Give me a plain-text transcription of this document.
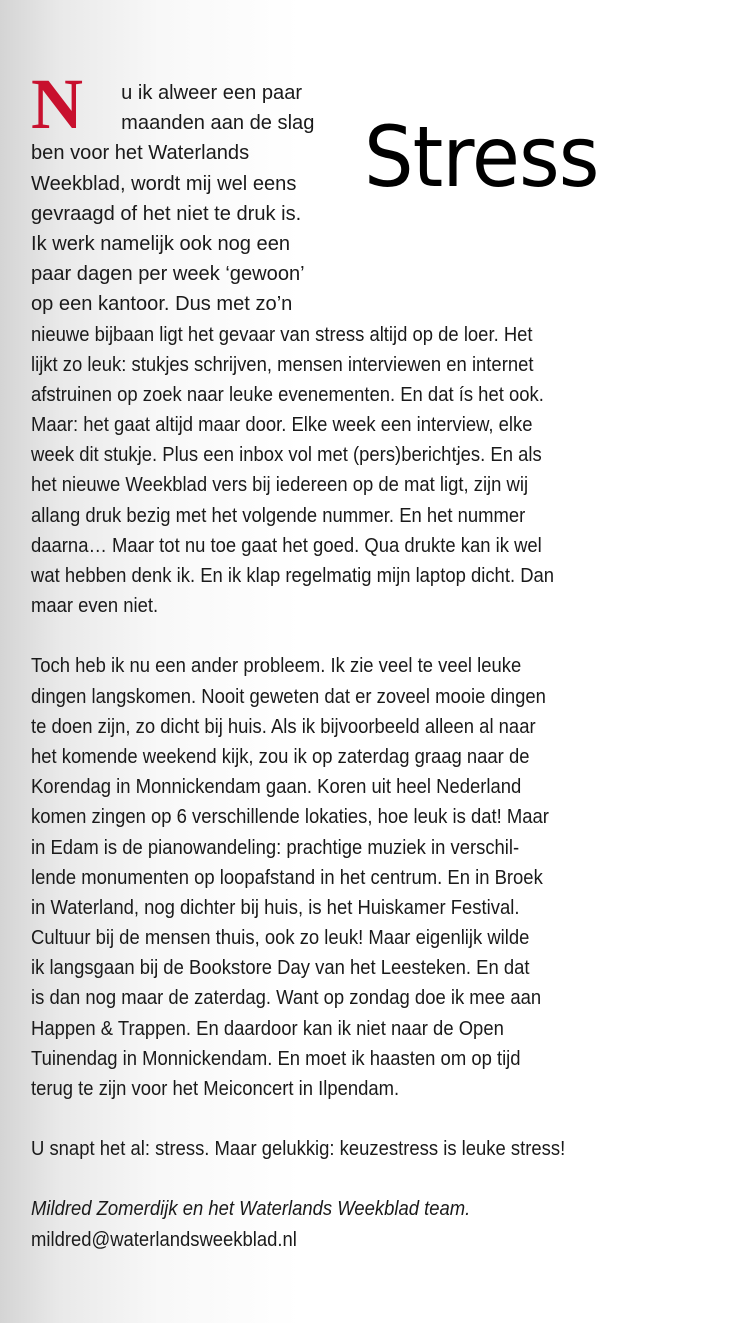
Stress
N	u ik alweer een paar
maanden aan de slag
ben voor het Waterlands
Weekblad, wordt mij wel eens
gevraagd of het niet te druk is.
Ik werk namelijk ook nog een
paar dagen per week ‘gewoon’
op een kantoor. Dus met zo’n
nieuwe bijbaan ligt het gevaar van stress altijd op de loer. Het
lijkt zo leuk: stukjes schrijven, mensen interviewen en internet
afstruinen op zoek naar leuke evenementen. En dat ís het ook.
Maar: het gaat altijd maar door. Elke week een interview, elke
week dit stukje. Plus een inbox vol met (pers)berichtjes. En als
het nieuwe Weekblad vers bij iedereen op de mat ligt, zijn wij
allang druk bezig met het volgende nummer. En het nummer
daarna… Maar tot nu toe gaat het goed. Qua drukte kan ik wel
wat hebben denk ik. En ik klap regelmatig mijn laptop dicht. Dan
maar even niet.
Toch heb ik nu een ander probleem. Ik zie veel te veel leuke
dingen langskomen. Nooit geweten dat er zoveel mooie dingen
te doen zijn, zo dicht bij huis. Als ik bijvoorbeeld alleen al naar
het komende weekend kijk, zou ik op zaterdag graag naar de
Korendag in Monnickendam gaan. Koren uit heel Nederland
komen zingen op 6 verschillende lokaties, hoe leuk is dat! Maar
in Edam is de pianowandeling: prachtige muziek in verschil-
lende monumenten op loopafstand in het centrum. En in Broek
in Waterland, nog dichter bij huis, is het Huiskamer Festival.
Cultuur bij de mensen thuis, ook zo leuk! Maar eigenlijk wilde
ik langsgaan bij de Bookstore Day van het Leesteken. En dat
is dan nog maar de zaterdag. Want op zondag doe ik mee aan
Happen & Trappen. En daardoor kan ik niet naar de Open
Tuinendag in Monnickendam. En moet ik haasten om op tijd
terug te zijn voor het Meiconcert in Ilpendam.
U snapt het al: stress. Maar gelukkig: keuzestress is leuke stress!
Mildred Zomerdijk en het Waterlands Weekblad team.
mildred@waterlandsweekblad.nl
